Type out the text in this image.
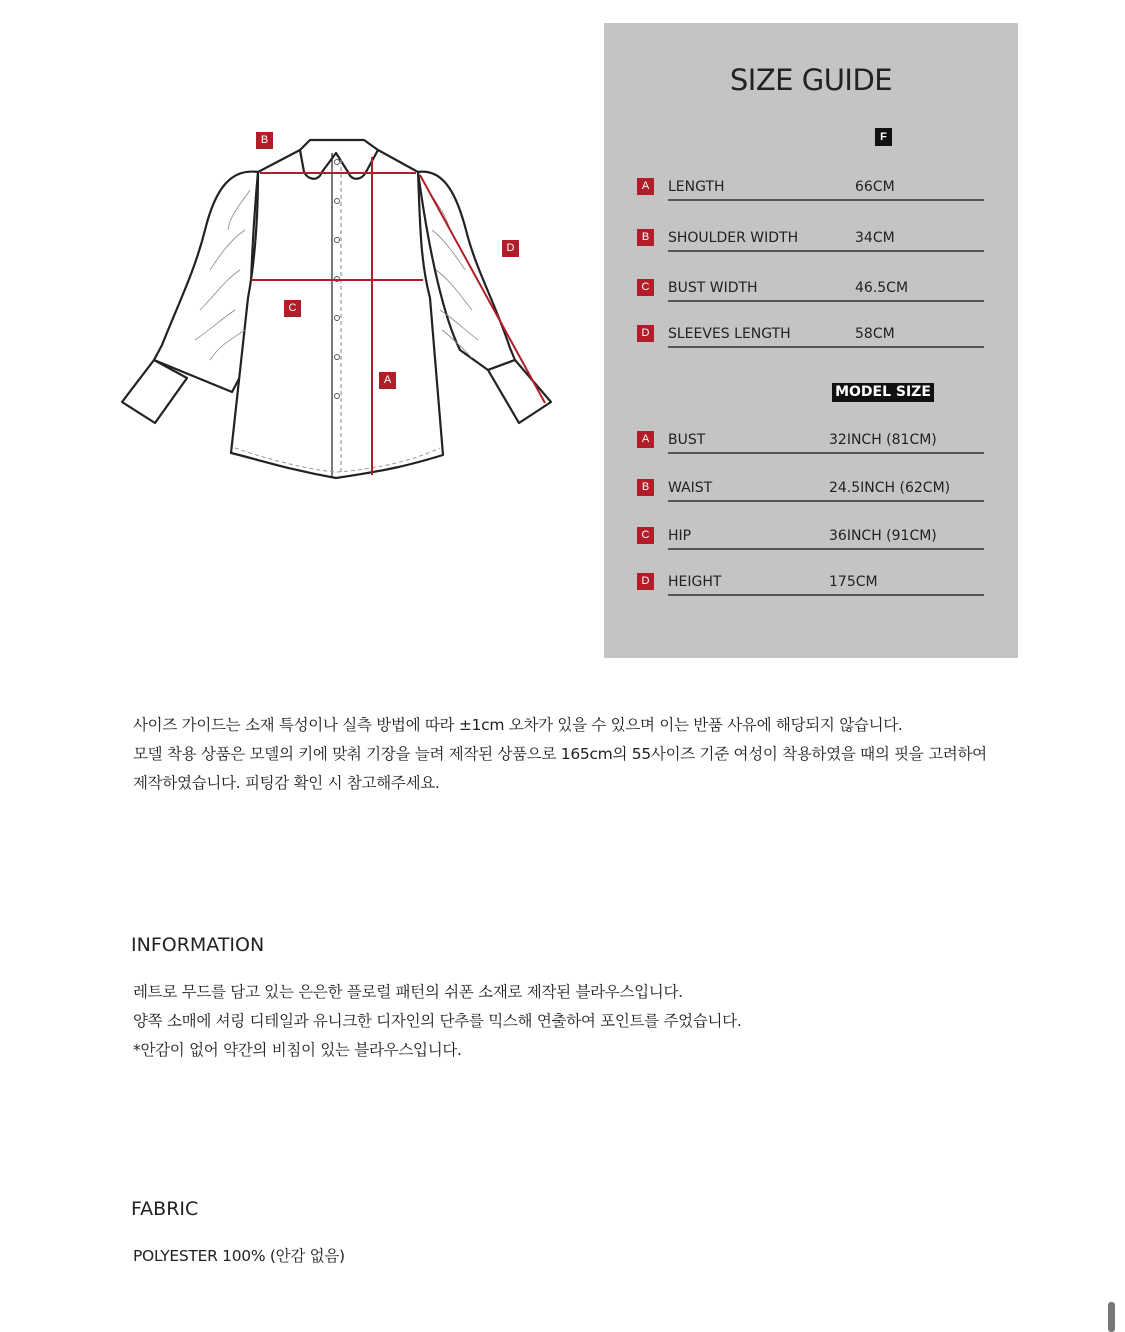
B
D
C
A
SIZE GUIDE
F
A	LENGTH	66CM
B	SHOULDER WIDTH	34CM
C	BUST WIDTH	46.5CM
D	SLEEVES LENGTH	58CM
MODEL SIZE
A	BUST	32INCH (81CM)
B	WAIST	24.5INCH (62CM)
C	HIP	36INCH (91CM)
D	HEIGHT	175CM
사이즈 가이드는 소재 특성이나 실측 방법에 따라 ±1cm 오차가 있을 수 있으며 이는 반품 사유에 해당되지 않습니다.
모델 착용 상품은 모델의 키에 맞춰 기장을 늘려 제작된 상품으로 165cm의 55사이즈 기준 여성이 착용하였을 때의 핏을 고려하여
제작하였습니다. 피팅감 확인 시 참고해주세요.
INFORMATION
레트로 무드를 담고 있는 은은한 플로럴 패턴의 쉬폰 소재로 제작된 블라우스입니다.
양쪽 소매에 셔링 디테일과 유니크한 디자인의 단추를 믹스해 연출하여 포인트를 주었습니다.
*안감이 없어 약간의 비침이 있는 블라우스입니다.
FABRIC
POLYESTER 100% (안감 없음)
